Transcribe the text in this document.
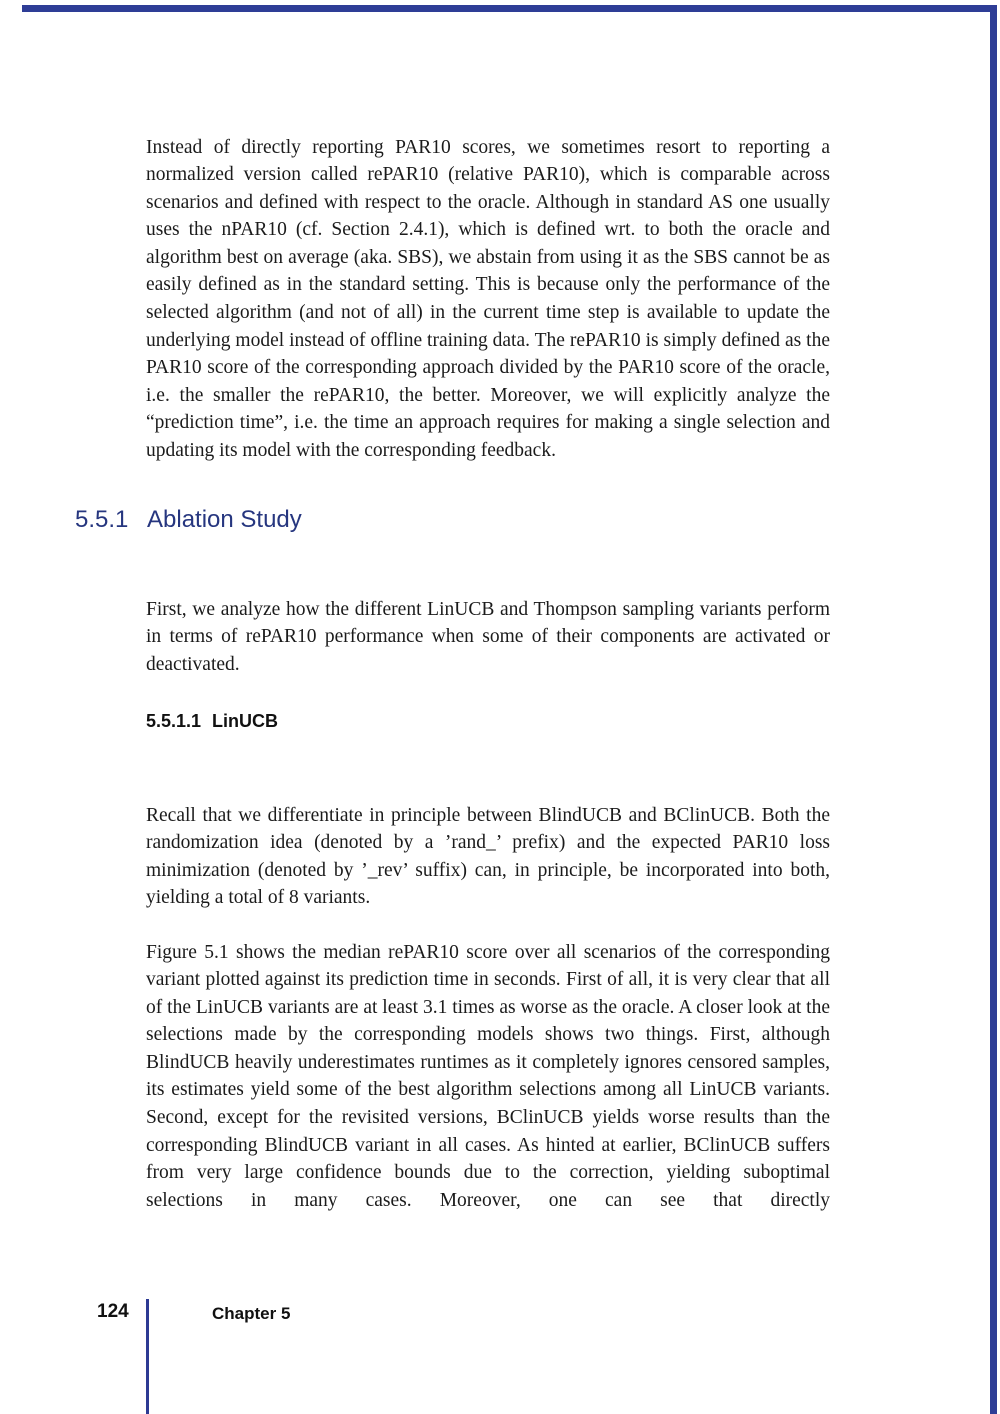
Instead of directly reporting PAR10 scores, we sometimes resort to reporting a normalized version called rePAR10 (relative PAR10), which is comparable across scenarios and defined with respect to the oracle. Although in standard AS one usually uses the nPAR10 (cf. Section 2.4.1), which is defined wrt. to both the oracle and algorithm best on average (aka. SBS), we abstain from using it as the SBS cannot be as easily defined as in the standard setting. This is because only the performance of the selected algorithm (and not of all) in the current time step is available to update the underlying model instead of offline training data. The rePAR10 is simply defined as the PAR10 score of the corresponding approach divided by the PAR10 score of the oracle, i.e. the smaller the rePAR10, the better. Moreover, we will explicitly analyze the “prediction time”, i.e. the time an approach requires for making a single selection and updating its model with the corresponding feedback.

5.5.1 Ablation Study

First, we analyze how the different LinUCB and Thompson sampling variants perform in terms of rePAR10 performance when some of their components are activated or deactivated.

5.5.1.1 LinUCB

Recall that we differentiate in principle between BlindUCB and BClinUCB. Both the randomization idea (denoted by a ’rand_’ prefix) and the expected PAR10 loss minimization (denoted by ’_rev’ suffix) can, in principle, be incorporated into both, yielding a total of 8 variants.

Figure 5.1 shows the median rePAR10 score over all scenarios of the corresponding variant plotted against its prediction time in seconds. First of all, it is very clear that all of the LinUCB variants are at least 3.1 times as worse as the oracle. A closer look at the selections made by the corresponding models shows two things. First, although BlindUCB heavily underestimates runtimes as it completely ignores censored samples, its estimates yield some of the best algorithm selections among all LinUCB variants. Second, except for the revisited versions, BClinUCB yields worse results than the corresponding BlindUCB variant in all cases. As hinted at earlier, BClinUCB suffers from very large confidence bounds due to the correction, yielding suboptimal selections in many cases. Moreover, one can see that directly

124	Chapter 5
